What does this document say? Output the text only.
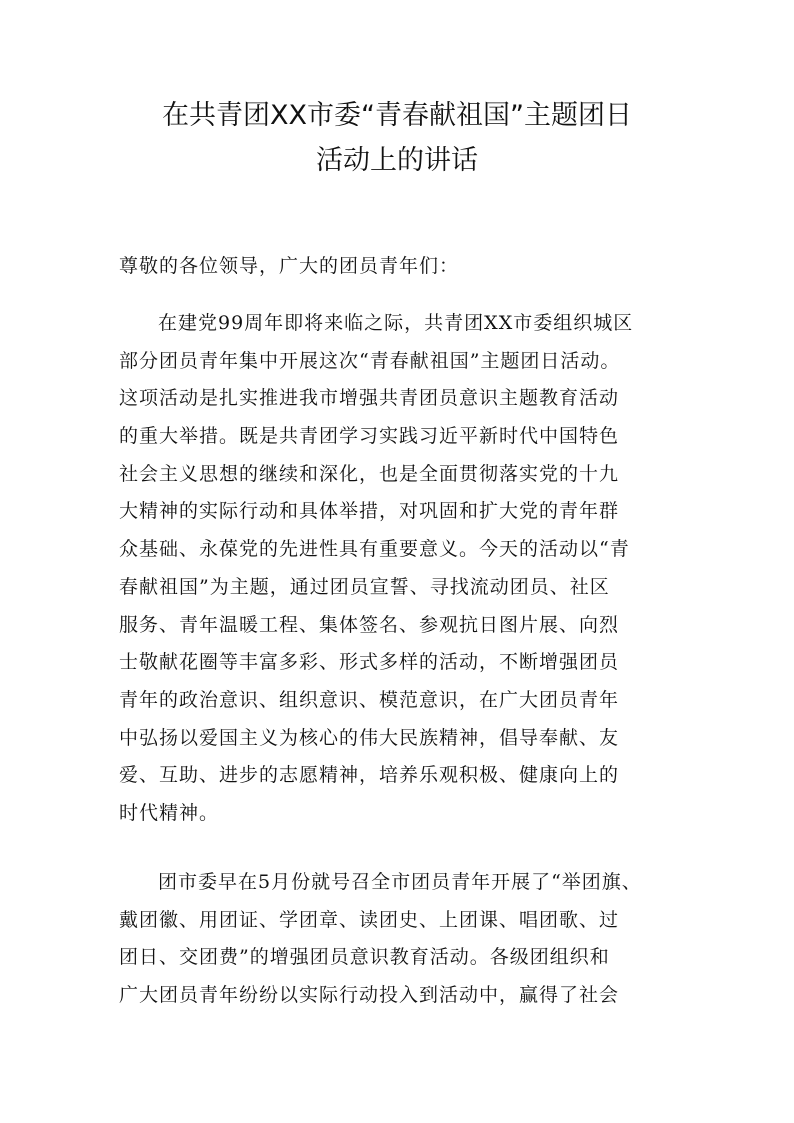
在共青团XX市委“青春献祖国”主题团日
活动上的讲话
尊敬的各位领导，广大的团员青年们：
在建党99周年即将来临之际，共青团XX市委组织城区
部分团员青年集中开展这次“青春献祖国”主题团日活动。
这项活动是扎实推进我市增强共青团员意识主题教育活动
的重大举措。既是共青团学习实践习近平新时代中国特色
社会主义思想的继续和深化，也是全面贯彻落实党的十九
大精神的实际行动和具体举措，对巩固和扩大党的青年群
众基础、永葆党的先进性具有重要意义。今天的活动以“青
春献祖国”为主题，通过团员宣誓、寻找流动团员、社区
服务、青年温暖工程、集体签名、参观抗日图片展、向烈
士敬献花圈等丰富多彩、形式多样的活动，不断增强团员
青年的政治意识、组织意识、模范意识，在广大团员青年
中弘扬以爱国主义为核心的伟大民族精神，倡导奉献、友
爱、互助、进步的志愿精神，培养乐观积极、健康向上的
时代精神。
团市委早在5月份就号召全市团员青年开展了“举团旗、
戴团徽、用团证、学团章、读团史、上团课、唱团歌、过
团日、交团费”的增强团员意识教育活动。各级团组织和
广大团员青年纷纷以实际行动投入到活动中，赢得了社会
